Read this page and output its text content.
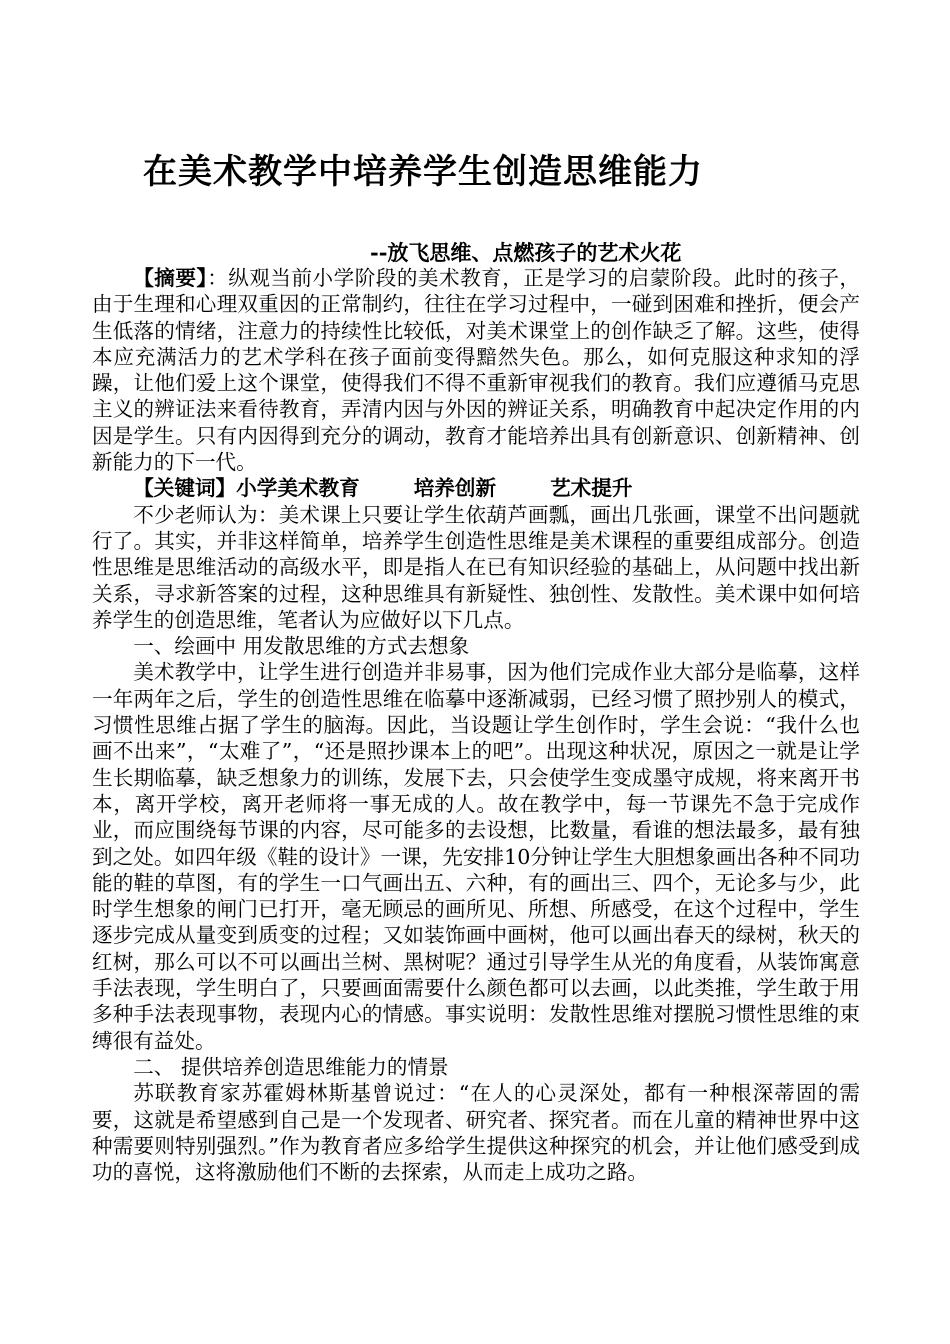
在美术教学中培养学生创造思维能力
--放飞思维、点燃孩子的艺术火花

【摘要】：纵观当前小学阶段的美术教育，正是学习的启蒙阶段。此时的孩子，由于生理和心理双重因的正常制约，往往在学习过程中，一碰到困难和挫折，便会产生低落的情绪，注意力的持续性比较低，对美术课堂上的创作缺乏了解。这些，使得本应充满活力的艺术学科在孩子面前变得黯然失色。那么，如何克服这种求知的浮躁，让他们爱上这个课堂，使得我们不得不重新审视我们的教育。我们应遵循马克思主义的辨证法来看待教育，弄清内因与外因的辨证关系，明确教育中起决定作用的内因是学生。只有内因得到充分的调动，教育才能培养出具有创新意识、创新精神、创新能力的下一代。

【关键词】小学美术教育	培养创新	艺术提升

不少老师认为：美术课上只要让学生依葫芦画瓢，画出几张画，课堂不出问题就行了。其实，并非这样简单，培养学生创造性思维是美术课程的重要组成部分。创造性思维是思维活动的高级水平，即是指人在已有知识经验的基础上，从问题中找出新关系，寻求新答案的过程，这种思维具有新疑性、独创性、发散性。美术课中如何培养学生的创造思维，笔者认为应做好以下几点。

一、绘画中 用发散思维的方式去想象

美术教学中，让学生进行创造并非易事，因为他们完成作业大部分是临摹，这样一年两年之后，学生的创造性思维在临摹中逐渐减弱，已经习惯了照抄别人的模式，习惯性思维占据了学生的脑海。因此，当设题让学生创作时，学生会说：“我什么也画不出来”，“太难了”，“还是照抄课本上的吧”。出现这种状况，原因之一就是让学生长期临摹，缺乏想象力的训练，发展下去，只会使学生变成墨守成规，将来离开书本，离开学校，离开老师将一事无成的人。故在教学中，每一节课先不急于完成作业，而应围绕每节课的内容，尽可能多的去设想，比数量，看谁的想法最多，最有独到之处。如四年级《鞋的设计》一课，先安排10分钟让学生大胆想象画出各种不同功能的鞋的草图，有的学生一口气画出五、六种，有的画出三、四个，无论多与少，此时学生想象的闸门已打开，毫无顾忌的画所见、所想、所感受，在这个过程中，学生逐步完成从量变到质变的过程；又如装饰画中画树，他可以画出春天的绿树，秋天的红树，那么可以不可以画出兰树、黑树呢？通过引导学生从光的角度看，从装饰寓意手法表现，学生明白了，只要画面需要什么颜色都可以去画，以此类推，学生敢于用多种手法表现事物，表现内心的情感。事实说明：发散性思维对摆脱习惯性思维的束缚很有益处。

二、 提供培养创造思维能力的情景

苏联教育家苏霍姆林斯基曾说过：“在人的心灵深处，都有一种根深蒂固的需要，这就是希望感到自己是一个发现者、研究者、探究者。而在儿童的精神世界中这种需要则特别强烈。”作为教育者应多给学生提供这种探究的机会，并让他们感受到成功的喜悦，这将激励他们不断的去探索，从而走上成功之路。
